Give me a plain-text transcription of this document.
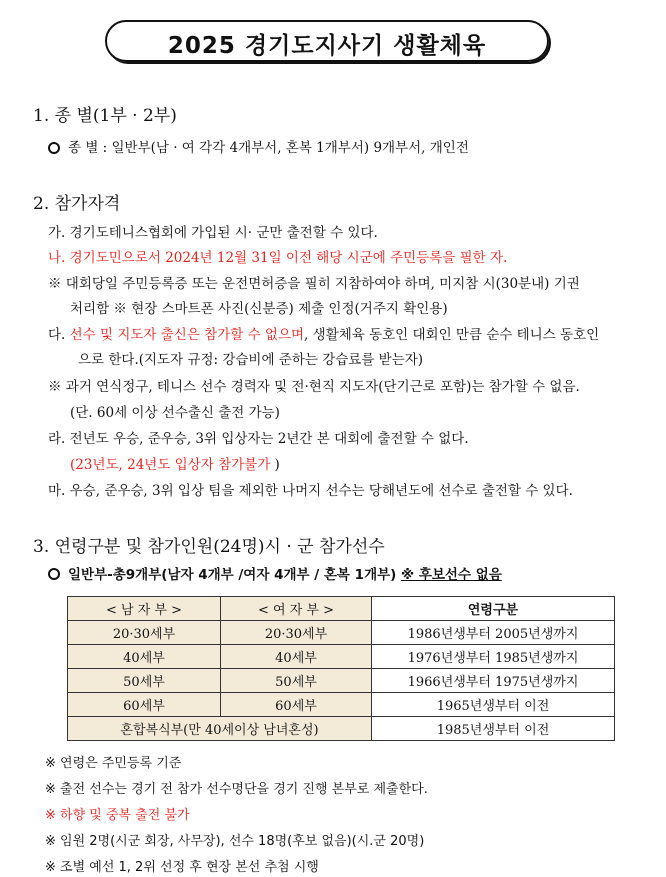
2025 경기도지사기 생활체육
1. 종 별(1부 · 2부)
종 별 : 일반부(남 · 여 각각 4개부서, 혼복 1개부서) 9개부서, 개인전
2. 참가자격
가. 경기도테니스협회에 가입된 시· 군만 출전할 수 있다.
나. 경기도민으로서 2024년 12월 31일 이전 해당 시군에 주민등록을 필한 자.
※ 대회당일 주민등록증 또는 운전면허증을 필히 지참하여야 하며, 미지참 시(30분내) 기권
처리함 ※ 현장 스마트폰 사진(신분증) 제출 인정(거주지 확인용)
다. 선수 및 지도자 출신은 참가할 수 없으며, 생활체육 동호인 대회인 만큼 순수 테니스 동호인
으로 한다.(지도자 규정: 강습비에 준하는 강습료를 받는자)
※ 과거 연식정구, 테니스 선수 경력자 및 전·현직 지도자(단기근로 포함)는 참가할 수 없음.
(단. 60세 이상 선수출신 출전 가능)
라. 전년도 우승, 준우승, 3위 입상자는 2년간 본 대회에 출전할 수 없다.
(23년도, 24년도 입상자 참가불가 )
마. 우승, 준우승, 3위 입상 팀을 제외한 나머지 선수는 당해년도에 선수로 출전할 수 있다.
3. 연령구분 및 참가인원(24명)시 · 군 참가선수
일반부-총9개부(남자 4개부 /여자 4개부 / 혼복 1개부) ※ 후보선수 없음
< 남 자 부 >	< 여 자 부 >	연령구분
20·30세부	20·30세부	1986년생부터 2005년생까지
40세부	40세부	1976년생부터 1985년생까지
50세부	50세부	1966년생부터 1975년생까지
60세부	60세부	1965년생부터 이전
혼합복식부(만 40세이상 남녀혼성)		1985년생부터 이전
※ 연령은 주민등록 기준
※ 출전 선수는 경기 전 참가 선수명단을 경기 진행 본부로 제출한다.
※ 하향 및 중복 출전 불가
※ 임원 2명(시군 회장, 사무장), 선수 18명(후보 없음)(시.군 20명)
※ 조별 예선 1, 2위 선정 후 현장 본선 추첨 시행
